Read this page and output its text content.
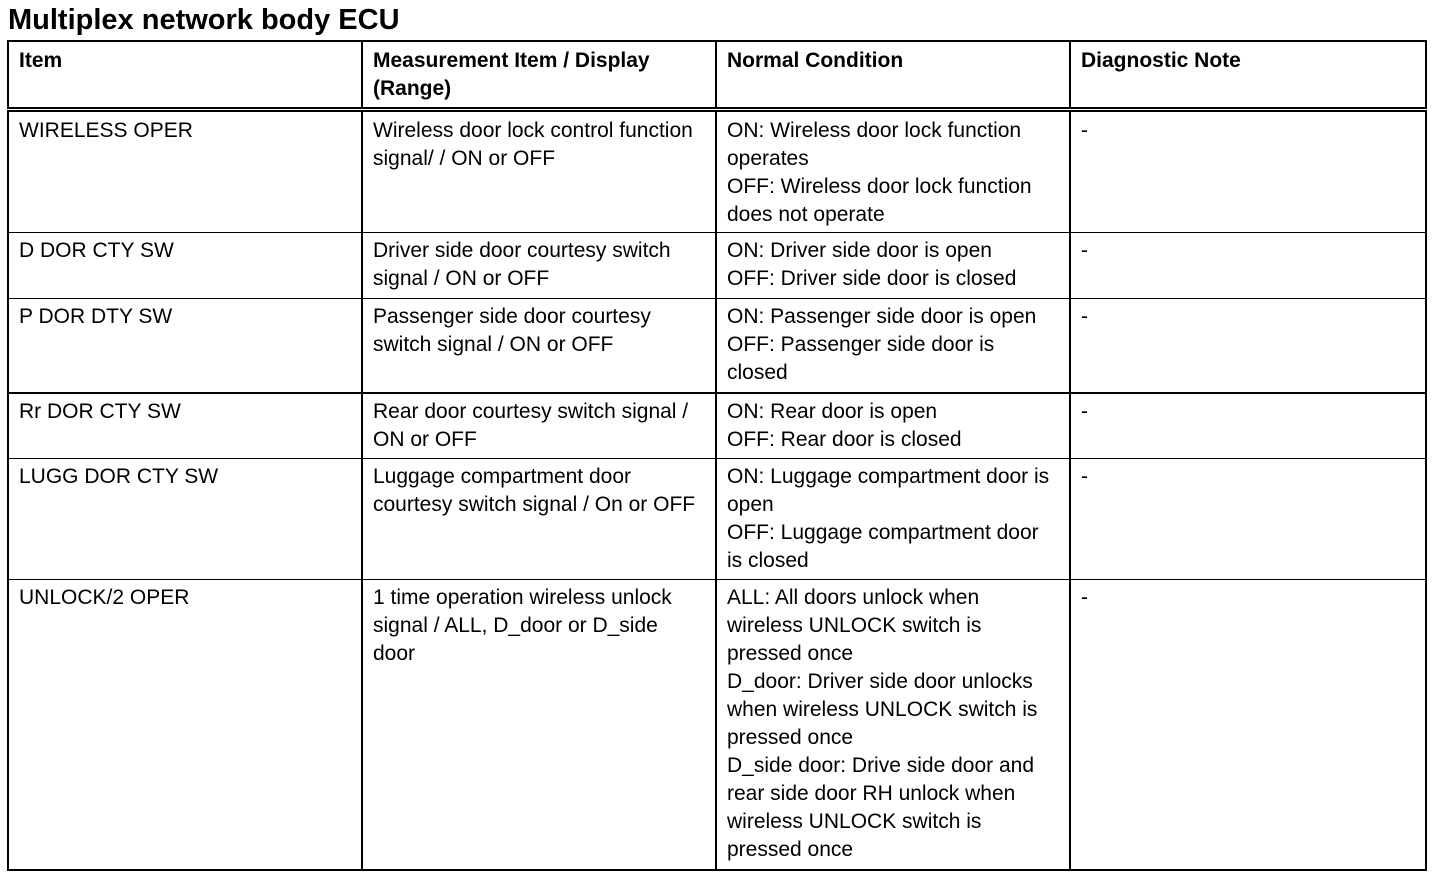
Multiplex network body ECU
Item	Measurement Item / Display (Range)	Normal Condition	Diagnostic Note
WIRELESS OPER	Wireless door lock control function signal/ / ON or OFF	ON: Wireless door lock function operates
OFF: Wireless door lock function does not operate	-

D DOR CTY SW	Driver side door courtesy switch signal / ON or OFF	ON: Driver side door is open
OFF: Driver side door is closed	-

P DOR DTY SW	Passenger side door courtesy switch signal / ON or OFF	ON: Passenger side door is open
OFF: Passenger side door is closed	-

Rr DOR CTY SW	Rear door courtesy switch signal / ON or OFF	ON: Rear door is open
OFF: Rear door is closed	-

LUGG DOR CTY SW	Luggage compartment door courtesy switch signal / On or OFF	ON: Luggage compartment door is open
OFF: Luggage compartment door is closed	-

UNLOCK/2 OPER	1 time operation wireless unlock signal / ALL, D_door or D_side door	ALL: All doors unlock when wireless UNLOCK switch is pressed once
D_door: Driver side door unlocks when wireless UNLOCK switch is pressed once
D_side door: Drive side door and rear side door RH unlock when wireless UNLOCK switch is pressed once	-
